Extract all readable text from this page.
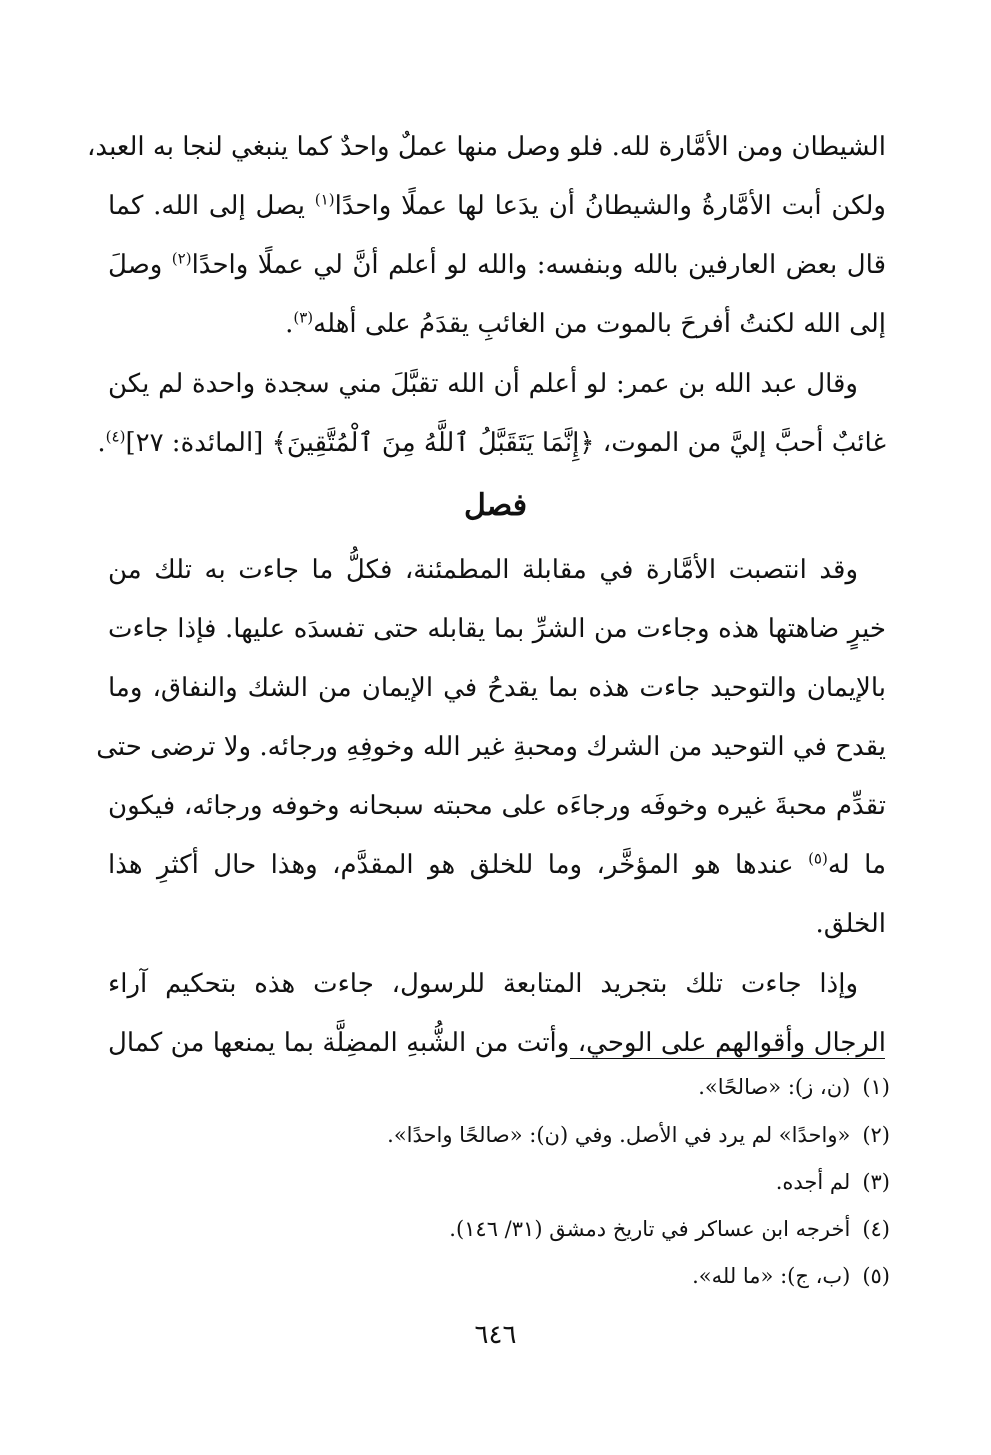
الشيطان ومن الأمَّارة لله. فلو وصل منها عملٌ واحدٌ كما ينبغي لنجا به العبد،
ولكن أبت الأمَّارةُ والشيطانُ أن يدَعا لها عملًا واحدًا$^{(١)}$ يصل إلى الله. كما
قال بعض العارفين بالله وبنفسه: والله لو أعلم أنَّ لي عملًا واحدًا$^{(٢)}$ وصلَ
إلى الله لكنتُ أفرحَ بالموت من الغائبِ يقدَمُ على أهله$^{(٣)}$.
وقال عبد الله بن عمر: لو أعلم أن الله تقبَّلَ مني سجدة واحدة لم يكن
غائبٌ أحبَّ إليَّ من الموت، ﴿إِنَّمَا يَتَقَبَّلُ ٱللَّهُ مِنَ ٱلْمُتَّقِينَ﴾ [المائدة: ٢٧]$^{(٤)}$.
فصل
وقد انتصبت الأمَّارة في مقابلة المطمئنة، فكلُّ ما جاءت به تلك من
خيرٍ ضاهتها هذه وجاءت من الشرِّ بما يقابله حتى تفسدَه عليها. فإذا جاءت
بالإيمان والتوحيد جاءت هذه بما يقدحُ في الإيمان من الشك والنفاق، وما
يقدح في التوحيد من الشرك ومحبةِ غير الله وخوفِهِ ورجائه. ولا ترضى حتى
تقدِّم محبةَ غيره وخوفَه ورجاءَه على محبته سبحانه وخوفه ورجائه، فيكون
ما له$^{(٥)}$ عندها هو المؤخَّر، وما للخلق هو المقدَّم، وهذا حال أكثرِ هذا
الخلق.
وإذا جاءت تلك بتجريد المتابعة للرسول، جاءت هذه بتحكيم آراء
الرجال وأقوالهم على الوحي، وأتت من الشُّبهِ المضِلَّة بما يمنعها من كمال
(١)(ن، ز): «صالحًا».
(٢)«واحدًا» لم يرد في الأصل. وفي (ن): «صالحًا واحدًا».
(٣)لم أجده.
(٤)أخرجه ابن عساكر في تاريخ دمشق (٣١/ ١٤٦).
(٥)(ب، ج): «ما لله».
٦٤٦
